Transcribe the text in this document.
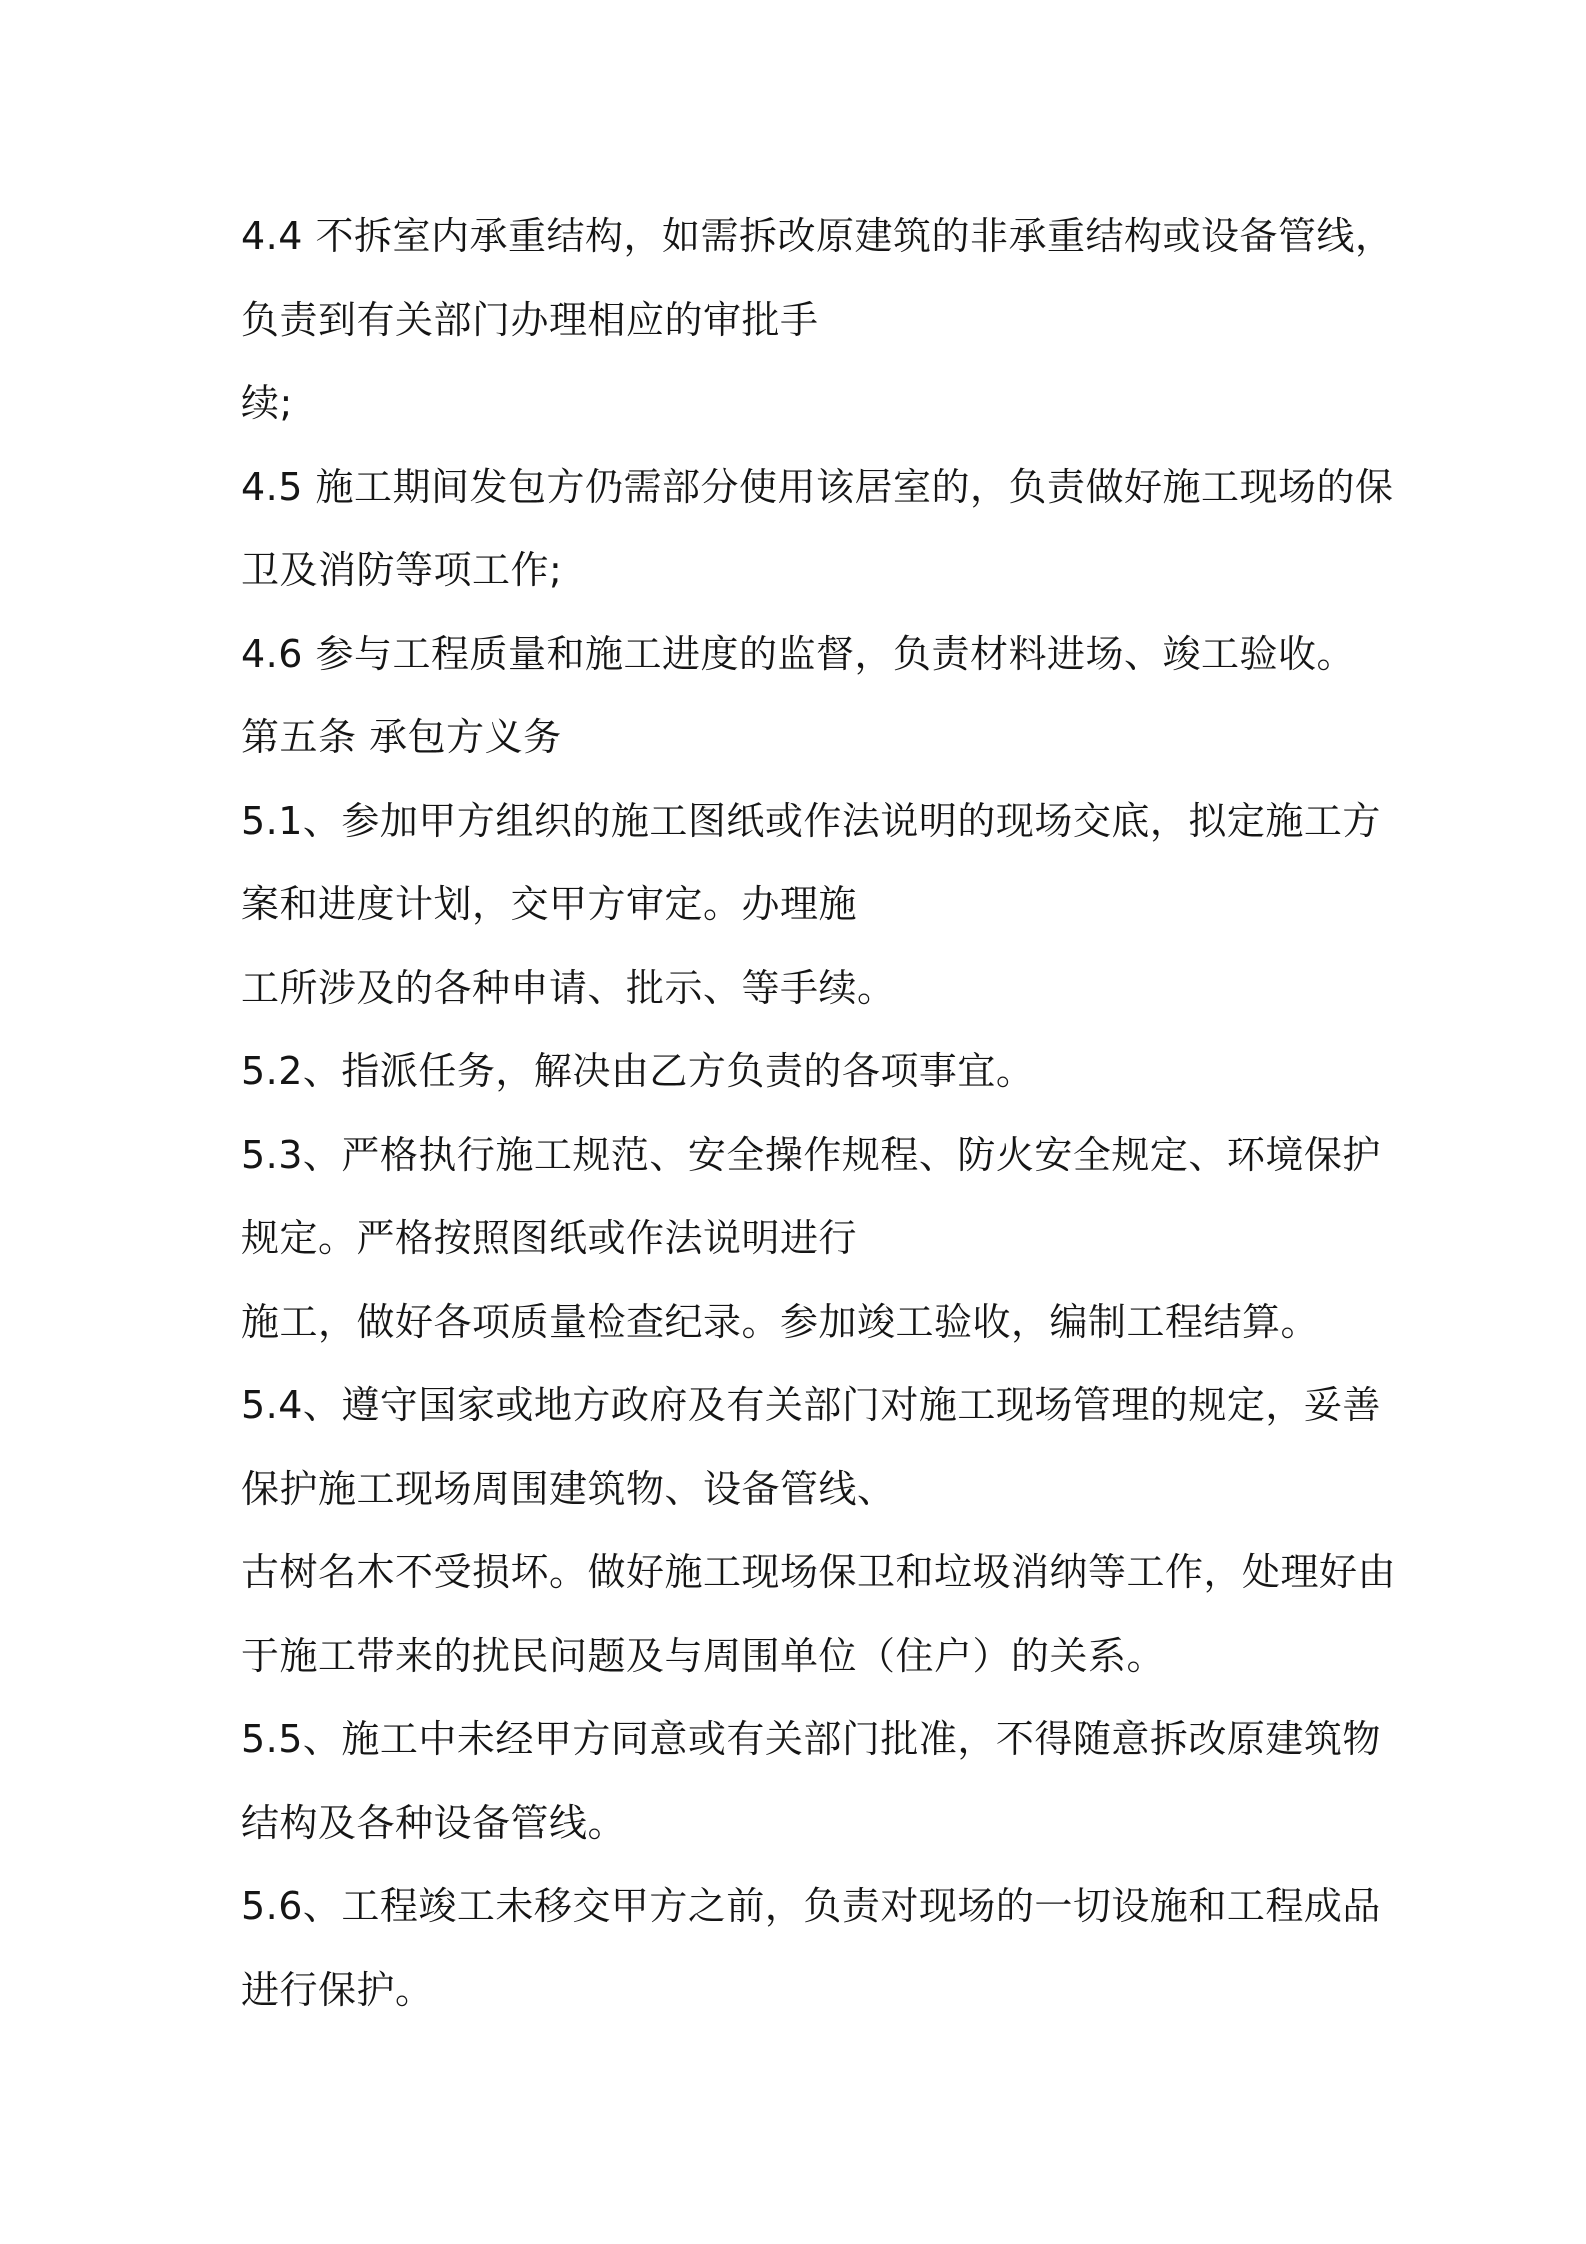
4.4 不拆室内承重结构，如需拆改原建筑的非承重结构或设备管线，
负责到有关部门办理相应的审批手
续;
4.5 施工期间发包方仍需部分使用该居室的，负责做好施工现场的保
卫及消防等项工作;
4.6 参与工程质量和施工进度的监督，负责材料进场、竣工验收。
第五条 承包方义务
5.1、参加甲方组织的施工图纸或作法说明的现场交底，拟定施工方
案和进度计划，交甲方审定。办理施
工所涉及的各种申请、批示、等手续。
5.2、指派任务，解决由乙方负责的各项事宜。
5.3、严格执行施工规范、安全操作规程、防火安全规定、环境保护
规定。严格按照图纸或作法说明进行
施工，做好各项质量检查纪录。参加竣工验收，编制工程结算。
5.4、遵守国家或地方政府及有关部门对施工现场管理的规定，妥善
保护施工现场周围建筑物、设备管线、
古树名木不受损坏。做好施工现场保卫和垃圾消纳等工作，处理好由
于施工带来的扰民问题及与周围单位（住户）的关系。
5.5、施工中未经甲方同意或有关部门批准，不得随意拆改原建筑物
结构及各种设备管线。
5.6、工程竣工未移交甲方之前，负责对现场的一切设施和工程成品
进行保护。
